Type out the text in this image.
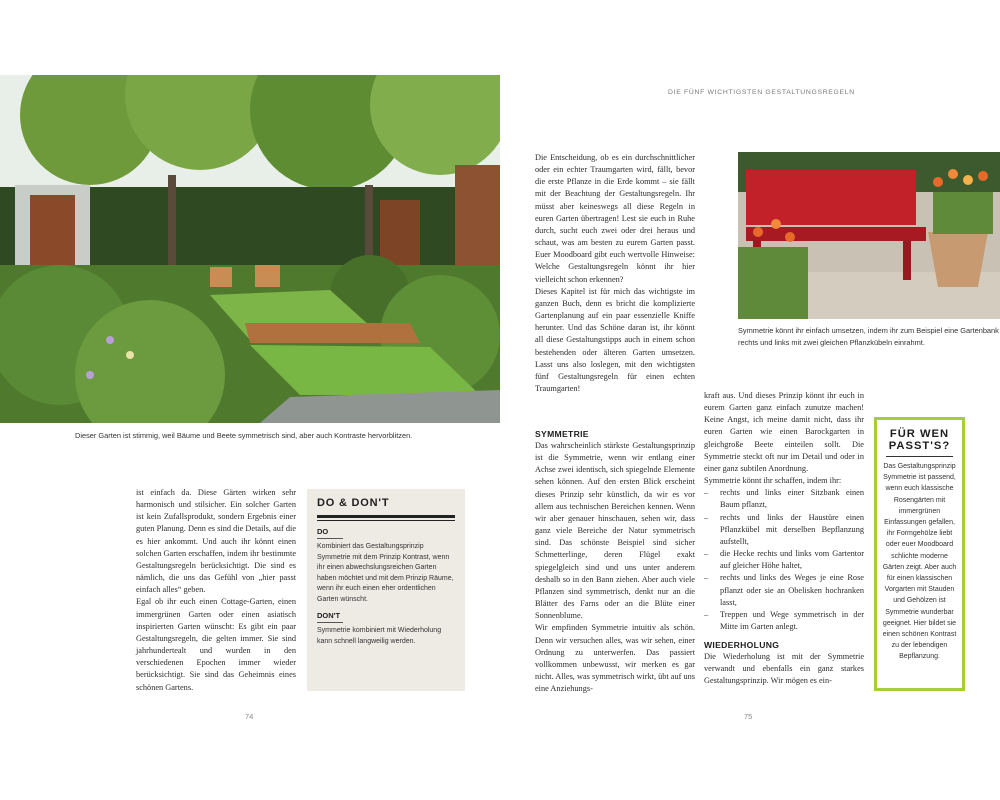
Dieser Garten ist stimmig, weil Bäume und Beete symmetrisch sind, aber auch Kontraste hervorblitzen.
Symmetrie könnt ihr einfach umsetzen, indem ihr zum Beispiel eine Gartenbank rechts und links mit zwei gleichen Pflanzkübeln einrahmt.
DIE FÜNF WICHTIGSTEN GESTALTUNGSREGELN

ist einfach da. Diese Gärten wirken sehr harmonisch und stilsicher. Ein solcher Garten ist kein Zufallsprodukt, sondern Ergebnis einer guten Planung. Denn es sind die Details, auf die es hier ankommt. Und auch ihr könnt einen solchen Garten erschaffen, indem ihr bestimmte Gestaltungsregeln berücksichtigt. Die sind es nämlich, die uns das Gefühl von „hier passt einfach alles“ geben.

Egal ob ihr euch einen Cottage-Garten, einen immergrünen Garten oder einen asiatisch inspirierten Garten wünscht: Es gibt ein paar Gestaltungsregeln, die gelten immer. Sie sind jahrhundertealt und wurden in den verschiedenen Epochen immer wieder berücksichtigt. Sie sind das Geheimnis eines schönen Gartens.

DO & DON'T
DO
Kombiniert das Gestaltungsprinzip Symmetrie mit dem Prinzip Kontrast, wenn ihr einen abwechslungsreichen Garten haben möchtet und mit dem Prinzip Räume, wenn ihr euch einen eher ordentlichen Garten wünscht.
DON'T
Symmetrie kombiniert mit Wiederholung kann schnell langweilig werden.

Die Entscheidung, ob es ein durchschnittlicher oder ein echter Traumgarten wird, fällt, bevor die erste Pflanze in die Erde kommt – sie fällt mit der Beachtung der Gestaltungsregeln. Ihr müsst aber keineswegs all diese Regeln in euren Garten übertragen! Lest sie euch in Ruhe durch, sucht euch zwei oder drei heraus und schaut, was am besten zu eurem Garten passt. Euer Moodboard gibt euch wertvolle Hinweise: Welche Gestaltungsregeln könnt ihr hier vielleicht schon erkennen?

Dieses Kapitel ist für mich das wichtigste im ganzen Buch, denn es bricht die komplizierte Gartenplanung auf ein paar essenzielle Kniffe herunter. Und das Schöne daran ist, ihr könnt all diese Gestaltungstipps auch in einem schon bestehenden oder älteren Garten umsetzen. Lasst uns also loslegen, mit den wichtigsten fünf Gestaltungsregeln für einen echten Traumgarten!

SYMMETRIE

Das wahrscheinlich stärkste Gestaltungsprinzip ist die Symmetrie, wenn wir entlang einer Achse zwei identisch, sich spiegelnde Elemente sehen können. Auf den ersten Blick erscheint dieses Prinzip sehr künstlich, da wir es vor allem aus technischen Bereichen kennen. Wenn wir aber genauer hinschauen, sehen wir, dass ganz viele Bereiche der Natur symmetrisch sind. Das schönste Beispiel sind sicher Schmetterlinge, deren Flügel exakt spiegelgleich sind und uns unter anderem deshalb so in den Bann ziehen. Aber auch viele Pflanzen sind symmetrisch, denkt nur an die Blätter des Farns oder an die Blüte einer Sonnenblume.

Wir empfinden Symmetrie intuitiv als schön. Denn wir versuchen alles, was wir sehen, einer Ordnung zu unterwerfen. Das passiert vollkommen unbewusst, wir merken es gar nicht. Alles, was symmetrisch wirkt, übt auf uns eine Anziehungs-

kraft aus. Und dieses Prinzip könnt ihr euch in eurem Garten ganz einfach zunutze machen! Keine Angst, ich meine damit nicht, dass ihr euren Garten wie einen Barockgarten in gleichgroße Beete einteilen sollt. Die Symmetrie steckt oft nur im Detail und oder in einer ganz subtilen Anordnung.

Symmetrie könnt ihr schaffen, indem ihr:

– rechts und links einer Sitzbank einen Baum pflanzt,
– rechts und links der Haustüre einen Pflanzkübel mit derselben Bepflanzung aufstellt,
– die Hecke rechts und links vom Gartentor auf gleicher Höhe haltet,
– rechts und links des Weges je eine Rose pflanzt oder sie an Obelisken hochranken lasst,
– Treppen und Wege symmetrisch in der Mitte im Garten anlegt.
WIEDERHOLUNG

Die Wiederholung ist mit der Symmetrie verwandt und ebenfalls ein ganz starkes Gestaltungsprinzip. Wir mögen es ein-

FÜR WEN PASST'S?
Das Gestaltungsprinzip Symmetrie ist passend, wenn euch klassische Rosengärten mit immergrünen Einfassungen gefallen, ihr Formgehölze liebt oder euer Moodboard schlichte moderne Gärten zeigt. Aber auch für einen klassischen Vorgarten mit Stauden und Gehölzen ist Symmetrie wunderbar geeignet. Hier bildet sie einen schönen Kontrast zu der lebendigen Bepflanzung.
74	75
